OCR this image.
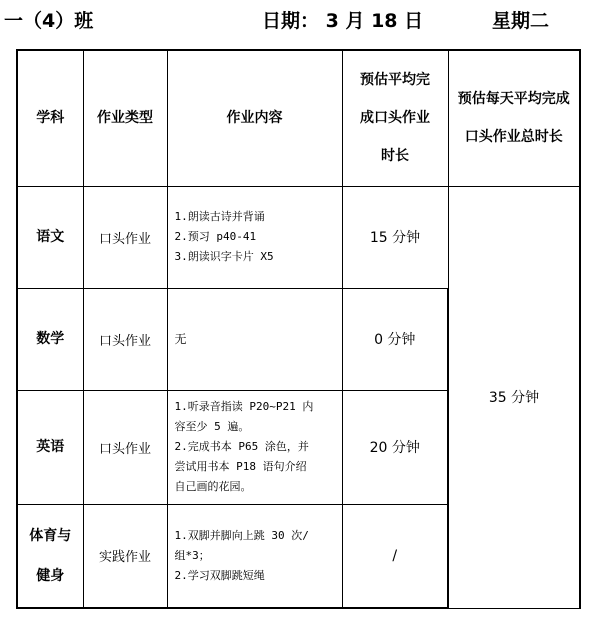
一（4）班	日期： 3 月 18 日	星期二
学科	作业类型	作业内容	预估平均完
成口头作业
时长	预估每天平均完成
口头作业总时长

语文	口头作业	1.朗读古诗并背诵
2.预习 p40-41
3.朗读识字卡片 X5	15 分钟	35 分钟

数学	口头作业	无	0 分钟	

英语	口头作业	1.听录音指读 P20~P21 内
容至少 5 遍。
2.完成书本 P65 涂色，并
尝试用书本 P18 语句介绍
自己画的花园。	20 分钟	

体育与
健身	实践作业	1.双脚并脚向上跳 30 次/
组*3；
2.学习双脚跳短绳	/	
